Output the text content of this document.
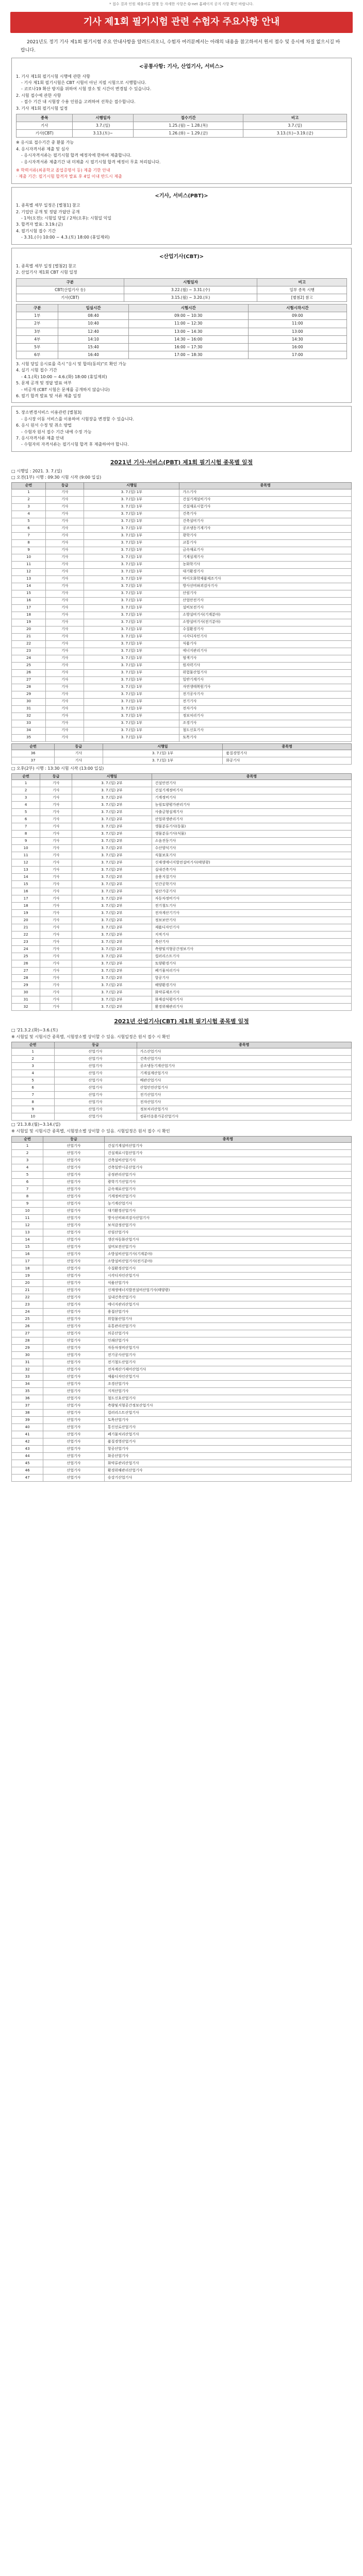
* 접수 결과 인원 제출서류 발행 등 자세한 사항은 Q-net 홈페이지 공지 사항 확인 바랍니다.
기사 제1회 필기시험 관련 수험자 주요사항 안내
2021년도 정기 기사 제1회 필기시험 주요 안내사항을 알려드리오니, 수험자 여러분께서는 아래의 내용을 참고하셔서 원서 접수 및 응시에 차질 없으시길 바랍니다.
<공통사항: 기사, 산업기사, 서비스>
1. 기사 제1회 필기시험 시행에 관한 사항
- 기사 제1회 필기시험은 CBT 시험이 아닌 지필 시험으로 시행합니다.
- 코로나19 확산 방지를 위하여 시험 장소 및 시간이 변경될 수 있습니다.
2. 시험 접수에 관한 사항
- 접수 기간 내 시험장 수용 인원을 고려하여 선착순 접수합니다.
3. 기사 제1회 필기시험 일정
종목	시행일자	접수기간	비고
기사	3.7.(일)	1.25.(월) ~ 1.28.(목)	3.7.(일)
기사(CBT)	3.13.(토)~	1.26.(화) ~ 1.29.(금)	3.13.(토)~3.19.(금)
※ 응시료 접수기간 중 환불 가능
4. 응시자격서류 제출 및 심사
- 응시자격서류는 필기시험 합격 예정자에 한하여 제출합니다.
- 응시자격서류 제출기간 내 미제출 시 필기시험 합격 예정이 무효 처리됩니다.
※ 학력서류(최종학교 졸업증명서 등) 제출 기한 안내
· 제출 기간: 필기시험 합격자 발표 후 4일 이내 반드시 제출
<기사, 서비스(PBT)>
1. 종목별 세부 일정은 [별첨1] 참고
2. 기업안 공개 및 정답 가답안 공개
- 1차(오전): 시험일 당일 / 2차(오후): 시험일 익일
3. 합격자 발표: 3.19.(금)
4. 필기시험 접수 기간
- 3.31.(수) 10:00 ~ 4.3.(토) 18:00 (휴일제외)
<산업기사(CBT)>
1. 종목별 세부 일정 [별첨2] 참고
2. 산업기사 제1회 CBT 시험 일정
구분	시험일자	비고
CBT(산업기사 등)	3.22.(월) ~ 3.31.(수)	일부 종목 시행
기사(CBT)	3.15.(월) ~ 3.20.(토)	[별첨2] 참고
구분	입실시간	시험시간	시험시작시간
1부	08:40	09:00 ~ 10:30	09:00
2부	10:40	11:00 ~ 12:30	11:00
3부	12:40	13:00 ~ 14:30	13:00
4부	14:10	14:30 ~ 16:00	14:30
5부	15:40	16:00 ~ 17:30	16:00
6부	16:40	17:00 ~ 18:30	17:00
3. 시험 당일 응시료를 즉시 "응시 및 합의(동의)"로 확인 가능
4. 실기 시험 접수 기간
- 4.1.(목) 10:00 ~ 4.6.(화) 18:00 (휴일제외)
5. 문제 공개 및 정답 발표 여부
- 비공개 (CBT 시험은 문제를 공개하지 않습니다)
6. 필기 합격 발표 및 서류 제출 일정
5. 장소변경서비스 이용관련 [별첨3]
- 응시장 이동 서비스를 이용하여 시험장을 변경할 수 있습니다.
6. 응시 원서 수정 및 취소 방법
- 수험자 원서 접수 기간 내에 수정 가능
7. 응시자격서류 제출 안내
- 수험자의 자격서류는 필기시험 합격 후 제출하여야 합니다.
2021년 기사·서비스(PBT) 제1회 필기시험 종목별 일정
□ 시행일 : 2021. 3. 7.(일)
□ 오전(1부) 시행 : 09:30 시험 시작 (9:00 입실)
순번	등급	시행일	종목명
1	기사	3. 7.(일) 1부	가스기사
2	기사	3. 7.(일) 1부	건설기계설비기사
3	기사	3. 7.(일) 1부	건설재료시험기사
4	기사	3. 7.(일) 1부	건축기사
5	기사	3. 7.(일) 1부	건축설비기사
6	기사	3. 7.(일) 1부	공조냉동기계기사
7	기사	3. 7.(일) 1부	광학기사
8	기사	3. 7.(일) 1부	교통기사
9	기사	3. 7.(일) 1부	금속재료기사
10	기사	3. 7.(일) 1부	기계설계기사
11	기사	3. 7.(일) 1부	농화학기사
12	기사	3. 7.(일) 1부	대기환경기사
13	기사	3. 7.(일) 1부	바이오화학제품제조기사
14	기사	3. 7.(일) 1부	방사선비파괴검사기사
15	기사	3. 7.(일) 1부	산림기사
16	기사	3. 7.(일) 1부	산업안전기사
17	기사	3. 7.(일) 1부	설비보전기사
18	기사	3. 7.(일) 1부	소방설비기사(기계분야)
19	기사	3. 7.(일) 1부	소방설비기사(전기분야)
20	기사	3. 7.(일) 1부	수질환경기사
21	기사	3. 7.(일) 1부	시각디자인기사
22	기사	3. 7.(일) 1부	식품기사
23	기사	3. 7.(일) 1부	에너지관리기사
24	기사	3. 7.(일) 1부	염색기사
25	기사	3. 7.(일) 1부	원자력기사
26	기사	3. 7.(일) 1부	위험물산업기사
27	기사	3. 7.(일) 1부	일반기계기사
28	기사	3. 7.(일) 1부	자연생태복원기사
29	기사	3. 7.(일) 1부	전기공사기사
30	기사	3. 7.(일) 1부	전기기사
31	기사	3. 7.(일) 1부	전자기사
32	기사	3. 7.(일) 1부	정보처리기사
33	기사	3. 7.(일) 1부	조경기사
34	기사	3. 7.(일) 1부	철도신호기사
35	기사	3. 7.(일) 1부	토목기사
순번	등급	시행일	종목명
36	기사	3. 7.(일) 1부	품질경영기사
37	기사	3. 7.(일) 1부	화공기사
□ 오후(2부) 시행 : 13:30 시험 시작 (13:00 입실)
순번	등급	시행일	종목명
1	기사	3. 7.(일) 2부	건설안전기사
2	기사	3. 7.(일) 2부	건설기계정비기사
3	기사	3. 7.(일) 2부	기계정비기사
4	기사	3. 7.(일) 2부	농림토양평가관리기사
5	기사	3. 7.(일) 2부	사출금형설계기사
6	기사	3. 7.(일) 2부	산업위생관리기사
7	기사	3. 7.(일) 2부	생물분류기사(동물)
8	기사	3. 7.(일) 2부	생물분류기사(식물)
9	기사	3. 7.(일) 2부	소음진동기사
10	기사	3. 7.(일) 2부	수산양식기사
11	기사	3. 7.(일) 2부	식물보호기사
12	기사	3. 7.(일) 2부	신재생에너지발전설비기사(태양광)
13	기사	3. 7.(일) 2부	실내건축기사
14	기사	3. 7.(일) 2부	응용지질기사
15	기사	3. 7.(일) 2부	인간공학기사
16	기사	3. 7.(일) 2부	임산가공기사
17	기사	3. 7.(일) 2부	자동차정비기사
18	기사	3. 7.(일) 2부	전기철도기사
19	기사	3. 7.(일) 2부	전자계산기기사
20	기사	3. 7.(일) 2부	정보보안기사
21	기사	3. 7.(일) 2부	제품디자인기사
22	기사	3. 7.(일) 2부	지적기사
23	기사	3. 7.(일) 2부	축산기사
24	기사	3. 7.(일) 2부	측량및지형공간정보기사
25	기사	3. 7.(일) 2부	컬러리스트기사
26	기사	3. 7.(일) 2부	토양환경기사
27	기사	3. 7.(일) 2부	폐기물처리기사
28	기사	3. 7.(일) 2부	항공기사
29	기사	3. 7.(일) 2부	해양환경기사
30	기사	3. 7.(일) 2부	화약류제조기사
31	기사	3. 7.(일) 2부	화재감식평가기사
32	기사	3. 7.(일) 2부	환경위해관리기사
2021년 산업기사(CBT) 제1회 필기시험 종목별 일정
□ '21.3.2.(화)~3.6.(토)
※ 시험일 및 시험시간 종목별, 시험장소별 상이할 수 있음. 시험일정은 원서 접수 시 확인
순번	등급	종목명
1	산업기사	가스산업기사
2	산업기사	건축산업기사
3	산업기사	공조냉동기계산업기사
4	산업기사	기계설계산업기사
5	산업기사	배관산업기사
6	산업기사	산업안전산업기사
7	산업기사	전기산업기사
8	산업기사	전자산업기사
9	산업기사	정보처리산업기사
10	산업기사	컴퓨터응용가공산업기사
□ '21.3.8.(월)~3.14.(일)
※ 시험일 및 시험시간 종목별, 시험장소별 상이할 수 있음. 시험일정은 원서 접수 시 확인
순번	등급	종목명
1	산업기사	건설기계설비산업기사
2	산업기사	건설재료시험산업기사
3	산업기사	건축설비산업기사
4	산업기사	건축일반시공산업기사
5	산업기사	공정관리산업기사
6	산업기사	광학기기산업기사
7	산업기사	금속재료산업기사
8	산업기사	기계정비산업기사
9	산업기사	농기계산업기사
10	산업기사	대기환경산업기사
11	산업기사	방사선비파괴검사산업기사
12	산업기사	보석감정산업기사
13	산업기사	산림산업기사
14	산업기사	생산자동화산업기사
15	산업기사	설비보전산업기사
16	산업기사	소방설비산업기사(기계분야)
17	산업기사	소방설비산업기사(전기분야)
18	산업기사	수질환경산업기사
19	산업기사	시각디자인산업기사
20	산업기사	식품산업기사
21	산업기사	신재생에너지발전설비산업기사(태양광)
22	산업기사	실내건축산업기사
23	산업기사	에너지관리산업기사
24	산업기사	용접산업기사
25	산업기사	위험물산업기사
26	산업기사	유통관리산업기사
27	산업기사	의공산업기사
28	산업기사	인쇄산업기사
29	산업기사	자동차정비산업기사
30	산업기사	전기공사산업기사
31	산업기사	전기철도산업기사
32	산업기사	전자계산기제어산업기사
33	산업기사	제품디자인산업기사
34	산업기사	조경산업기사
35	산업기사	지적산업기사
36	산업기사	철도신호산업기사
37	산업기사	측량및지형공간정보산업기사
38	산업기사	컬러리스트산업기사
39	산업기사	토목산업기사
40	산업기사	통신선로산업기사
41	산업기사	폐기물처리산업기사
42	산업기사	품질경영산업기사
43	산업기사	항공산업기사
44	산업기사	화공산업기사
45	산업기사	화약류관리산업기사
46	산업기사	환경위해관리산업기사
47	산업기사	승강기산업기사
